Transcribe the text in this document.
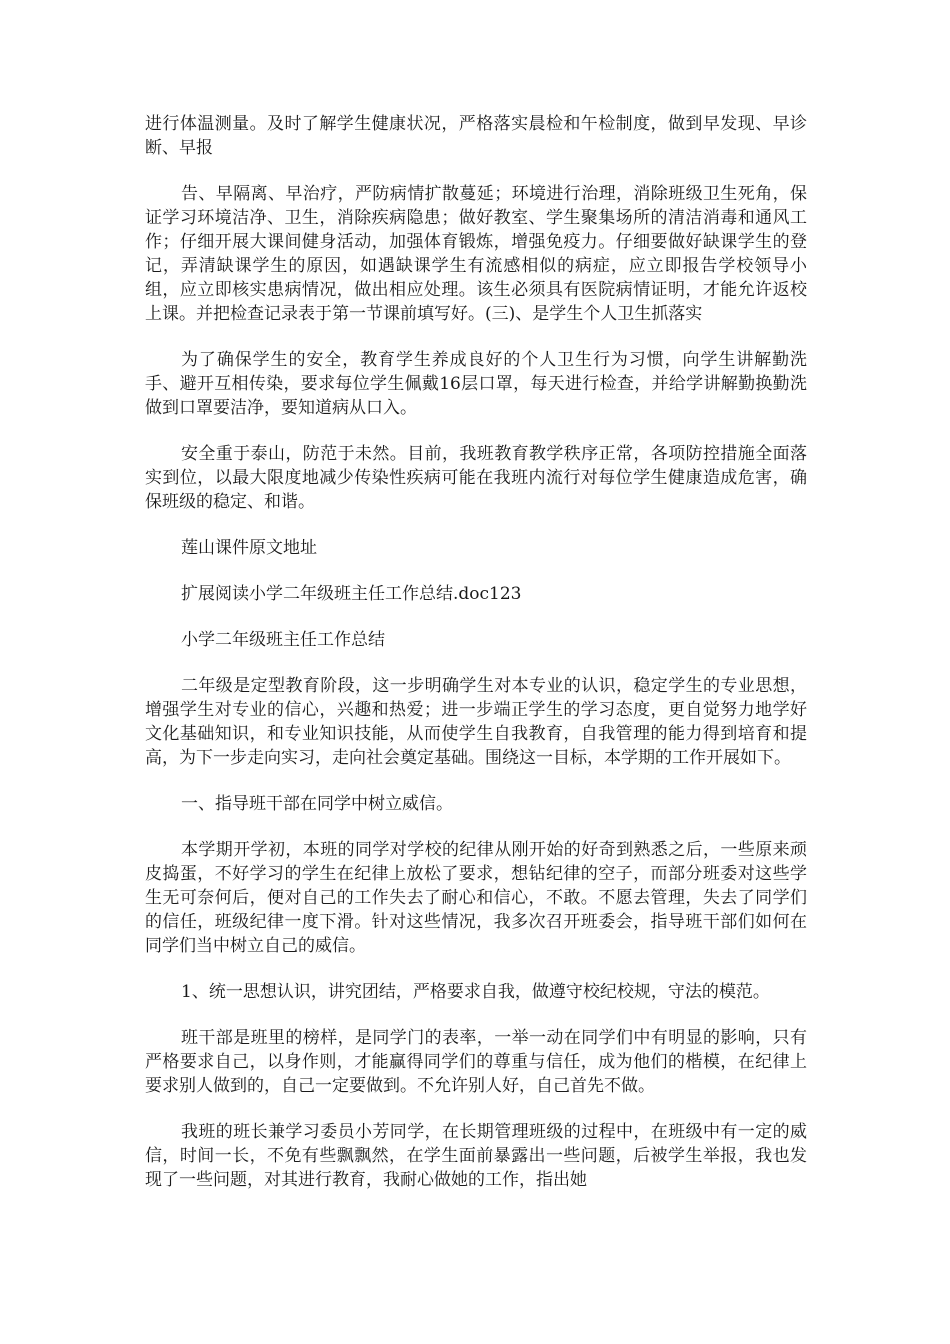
进行体温测量。及时了解学生健康状况，严格落实晨检和午检制度，做到早发现、早诊断、早报

告、早隔离、早治疗，严防病情扩散蔓延；环境进行治理，消除班级卫生死角，保证学习环境洁净、卫生，消除疾病隐患；做好教室、学生聚集场所的清洁消毒和通风工作；仔细开展大课间健身活动，加强体育锻炼，增强免疫力。仔细要做好缺课学生的登记，弄清缺课学生的原因，如遇缺课学生有流感相似的病症，应立即报告学校领导小组，应立即核实患病情况，做出相应处理。该生必须具有医院病情证明，才能允许返校上课。并把检查记录表于第一节课前填写好。(三)、是学生个人卫生抓落实

为了确保学生的安全，教育学生养成良好的个人卫生行为习惯，向学生讲解勤洗手、避开互相传染，要求每位学生佩戴16层口罩，每天进行检查，并给学讲解勤换勤洗做到口罩要洁净，要知道病从口入。

安全重于泰山，防范于未然。目前，我班教育教学秩序正常，各项防控措施全面落实到位，以最大限度地减少传染性疾病可能在我班内流行对每位学生健康造成危害，确保班级的稳定、和谐。

莲山课件原文地址

扩展阅读小学二年级班主任工作总结.doc123

小学二年级班主任工作总结

二年级是定型教育阶段，这一步明确学生对本专业的认识，稳定学生的专业思想，增强学生对专业的信心，兴趣和热爱；进一步端正学生的学习态度，更自觉努力地学好文化基础知识，和专业知识技能，从而使学生自我教育，自我管理的能力得到培育和提高，为下一步走向实习，走向社会奠定基础。围绕这一目标，本学期的工作开展如下。

一、指导班干部在同学中树立威信。

本学期开学初，本班的同学对学校的纪律从刚开始的好奇到熟悉之后，一些原来顽皮捣蛋，不好学习的学生在纪律上放松了要求，想钻纪律的空子，而部分班委对这些学生无可奈何后，便对自己的工作失去了耐心和信心，不敢。不愿去管理，失去了同学们的信任，班级纪律一度下滑。针对这些情况，我多次召开班委会，指导班干部们如何在同学们当中树立自己的威信。

1、统一思想认识，讲究团结，严格要求自我，做遵守校纪校规，守法的模范。

班干部是班里的榜样，是同学门的表率，一举一动在同学们中有明显的影响，只有严格要求自己，以身作则，才能赢得同学们的尊重与信任，成为他们的楷模，在纪律上要求别人做到的，自己一定要做到。不允许别人好，自己首先不做。

我班的班长兼学习委员小芳同学，在长期管理班级的过程中，在班级中有一定的威信，时间一长，不免有些飘飘然，在学生面前暴露出一些问题，后被学生举报，我也发现了一些问题，对其进行教育，我耐心做她的工作，指出她
